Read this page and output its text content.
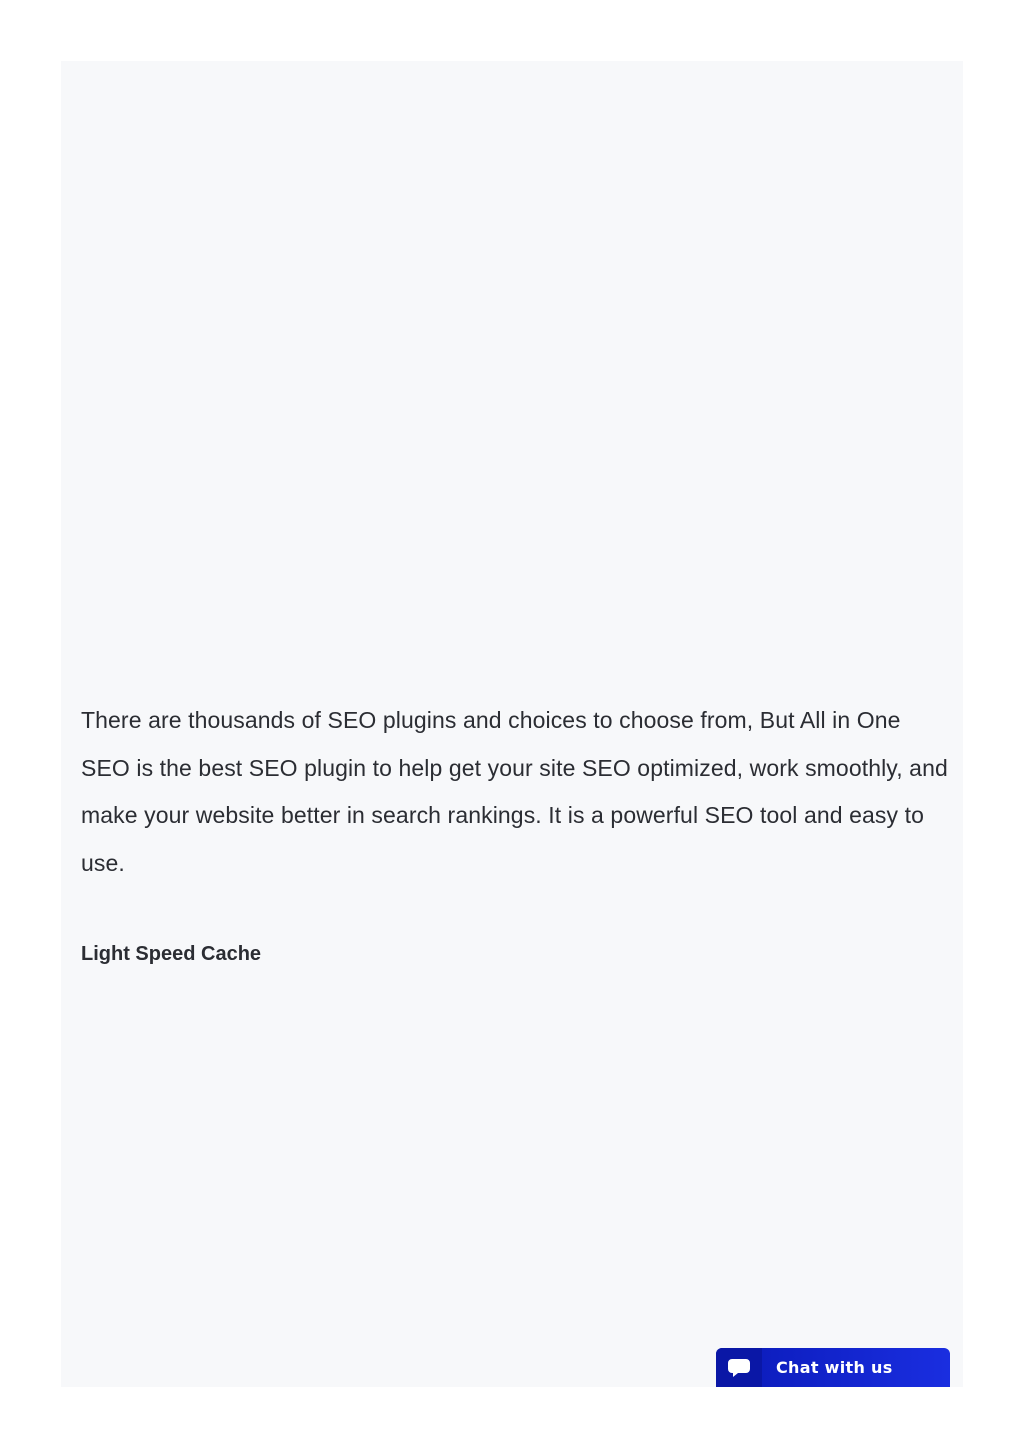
There are thousands of SEO plugins and choices to choose from, But All in One SEO is the best SEO plugin to help get your site SEO optimized, work smoothly, and make your website better in search rankings. It is a powerful SEO tool and easy to use.

Light Speed Cache
Chat with us
